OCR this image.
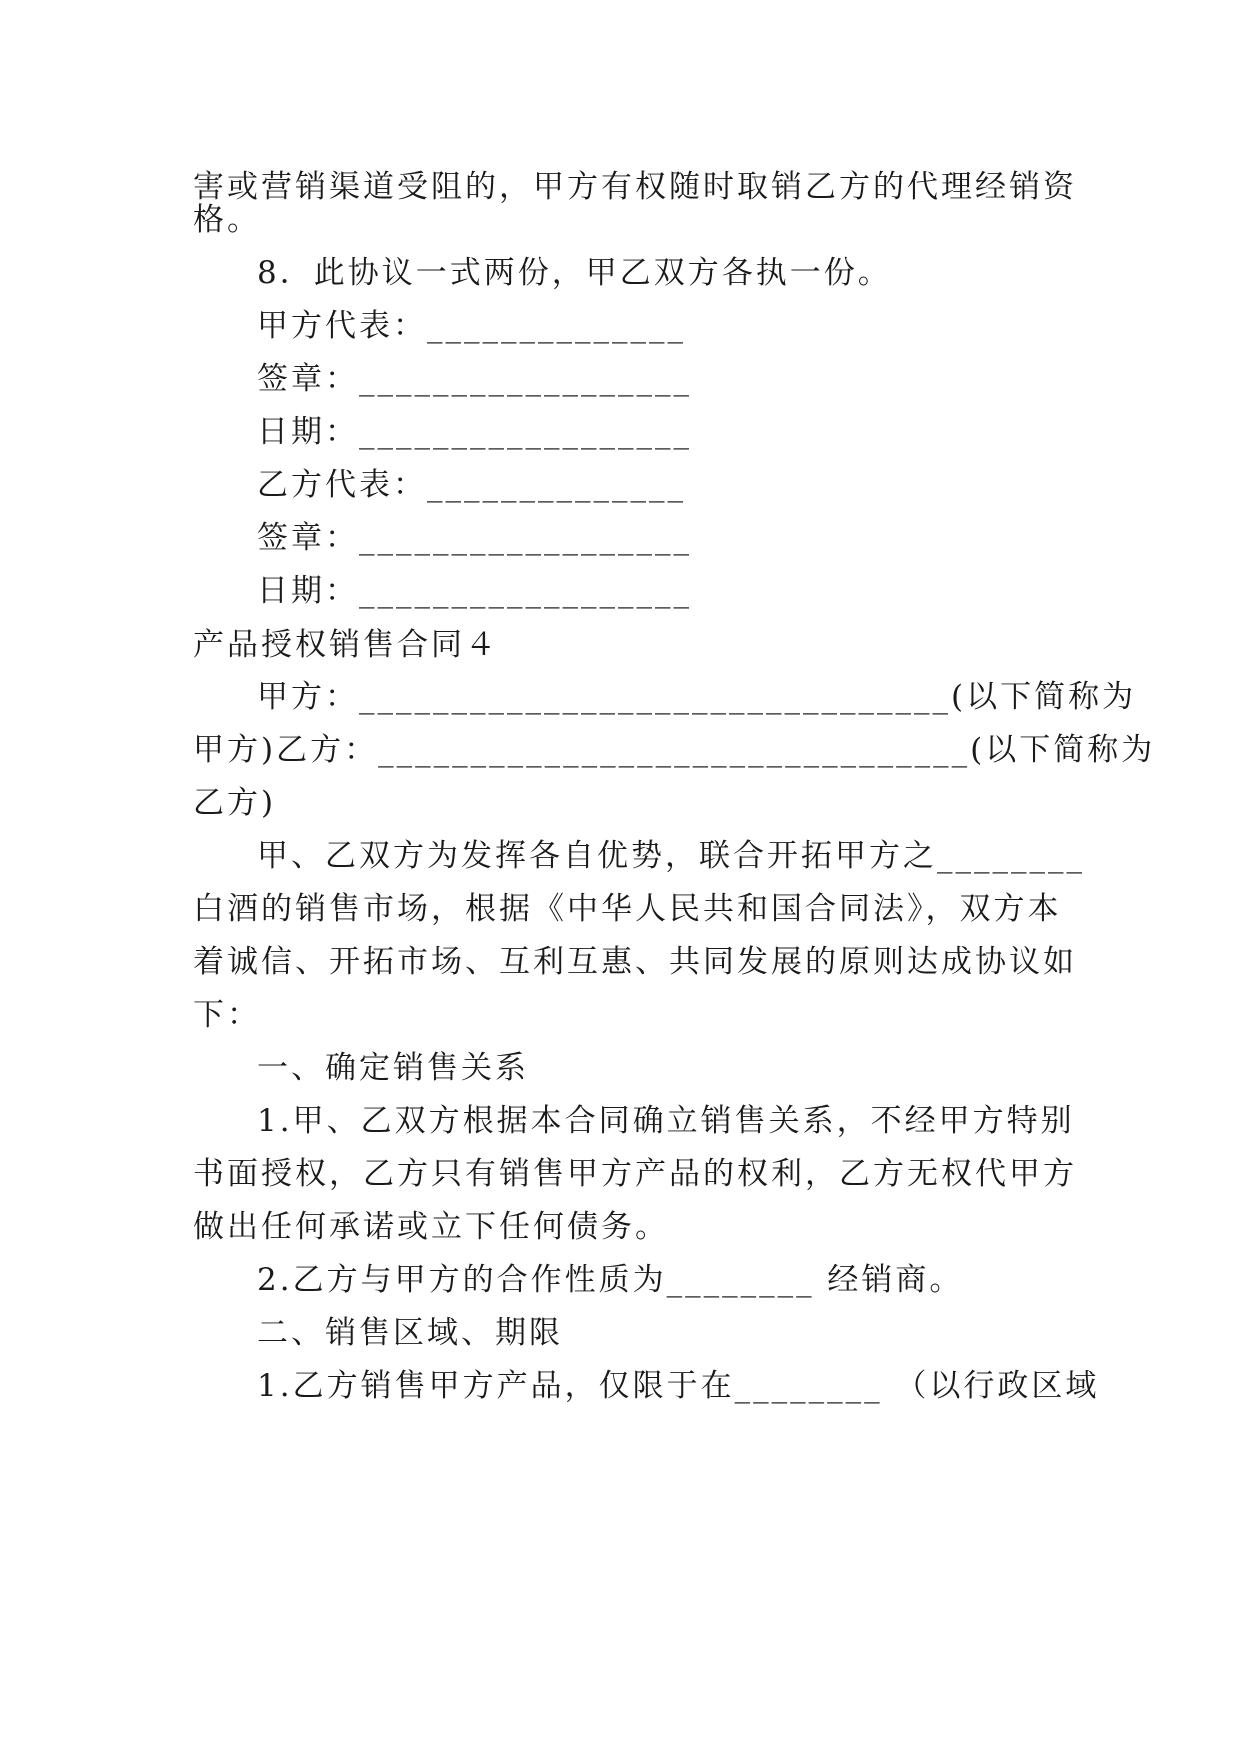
害或营销渠道受阻的，甲方有权随时取销乙方的代理经销资
格。
8．此协议一式两份，甲乙双方各执一份。
甲方代表：______________
签章：__________________
日期：__________________
乙方代表：______________
签章：__________________
日期：__________________
产品授权销售合同４
甲方：________________________________(以下简称为
甲方)乙方：________________________________(以下简称为
乙方)
甲、乙双方为发挥各自优势，联合开拓甲方之________
白酒的销售市场，根据《中华人民共和国合同法》，双方本
着诚信、开拓市场、互利互惠、共同发展的原则达成协议如
下：
一、确定销售关系
1.甲、乙双方根据本合同确立销售关系，不经甲方特别
书面授权，乙方只有销售甲方产品的权利，乙方无权代甲方
做出任何承诺或立下任何债务。
2.乙方与甲方的合作性质为________ 经销商。
二、销售区域、期限
1.乙方销售甲方产品，仅限于在________ （以行政区域
